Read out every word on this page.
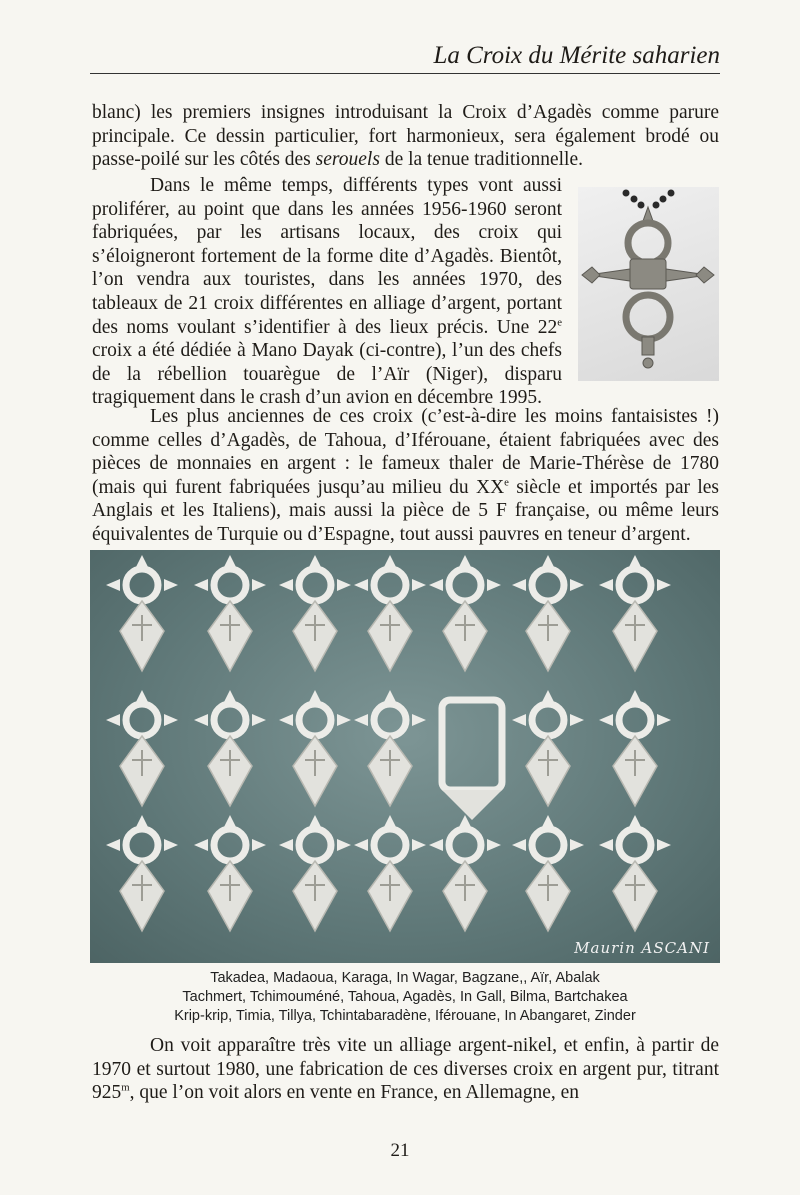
La Croix du Mérite saharien

blanc) les premiers insignes introduisant la Croix d’Agadès comme parure principale. Ce dessin particulier, fort harmonieux, sera également brodé ou passe-poilé sur les côtés des serouels de la tenue traditionnelle.

Dans le même temps, différents types vont aussi proliférer, au point que dans les années 1956-1960 seront fabriquées, par les artisans locaux, des croix qui s’éloigneront fortement de la forme dite d’Agadès. Bientôt, l’on vendra aux touristes, dans les années 1970, des tableaux de 21 croix différentes en alliage d’argent, portant des noms voulant s’identifier à des lieux précis. Une 22e croix a été dédiée à Mano Dayak (ci-contre), l’un des chefs de la rébellion touarègue de l’Aïr (Niger), disparu tragiquement dans le crash d’un avion en décembre 1995.

Les plus anciennes de ces croix (c’est-à-dire les moins fantaisistes !) comme celles d’Agadès, de Tahoua, d’Iférouane, étaient fabriquées avec des pièces de monnaies en argent : le fameux thaler de Marie-Thérèse de 1780 (mais qui furent fabriquées jusqu’au milieu du XXe siècle et importés par les Anglais et les Italiens), mais aussi la pièce de 5 F française, ou même leurs équivalentes de Turquie ou d’Espagne, tout aussi pauvres en teneur d’argent.

Maurin ASCANI
Takadea, Madaoua, Karaga, In Wagar, Bagzane,, Aïr, Abalak
Tachmert, Tchimouméné, Tahoua, Agadès, In Gall, Bilma, Bartchakea
Krip-krip, Timia, Tillya, Tchintabaradène, Iférouane, In Abangaret, Zinder

On voit apparaître très vite un alliage argent-nikel, et enfin, à partir de 1970 et surtout 1980, une fabrication de ces diverses croix en argent pur, titrant 925$^m$, que l’on voit alors en vente en France, en Allemagne, en

21
